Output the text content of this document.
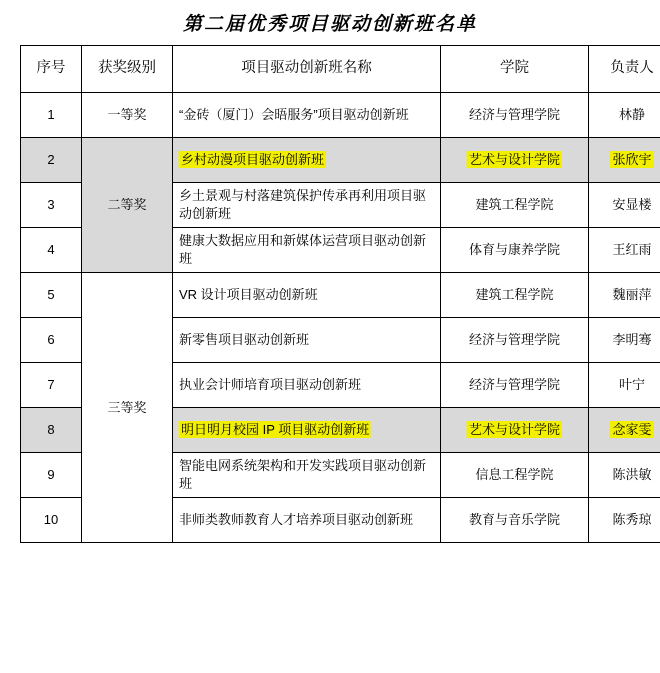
第二届优秀项目驱动创新班名单
序号	获奖级别	项目驱动创新班名称	学院	负责人
1	一等奖	“金砖（厦门）会晤服务”项目驱动创新班	经济与管理学院	林静
2	二等奖	乡村动漫项目驱动创新班	艺术与设计学院	张欣宇
3		乡土景观与村落建筑保护传承再利用项目驱动创新班	建筑工程学院	安显楼
4		健康大数据应用和新媒体运营项目驱动创新班	体育与康养学院	王红雨
5	三等奖	VR 设计项目驱动创新班	建筑工程学院	魏丽萍
6		新零售项目驱动创新班	经济与管理学院	李明骞
7		执业会计师培育项目驱动创新班	经济与管理学院	叶宁
8		明日明月校园 IP 项目驱动创新班	艺术与设计学院	念家雯
9		智能电网系统架构和开发实践项目驱动创新班	信息工程学院	陈洪敏
10		非师类教师教育人才培养项目驱动创新班	教育与音乐学院	陈秀琼
